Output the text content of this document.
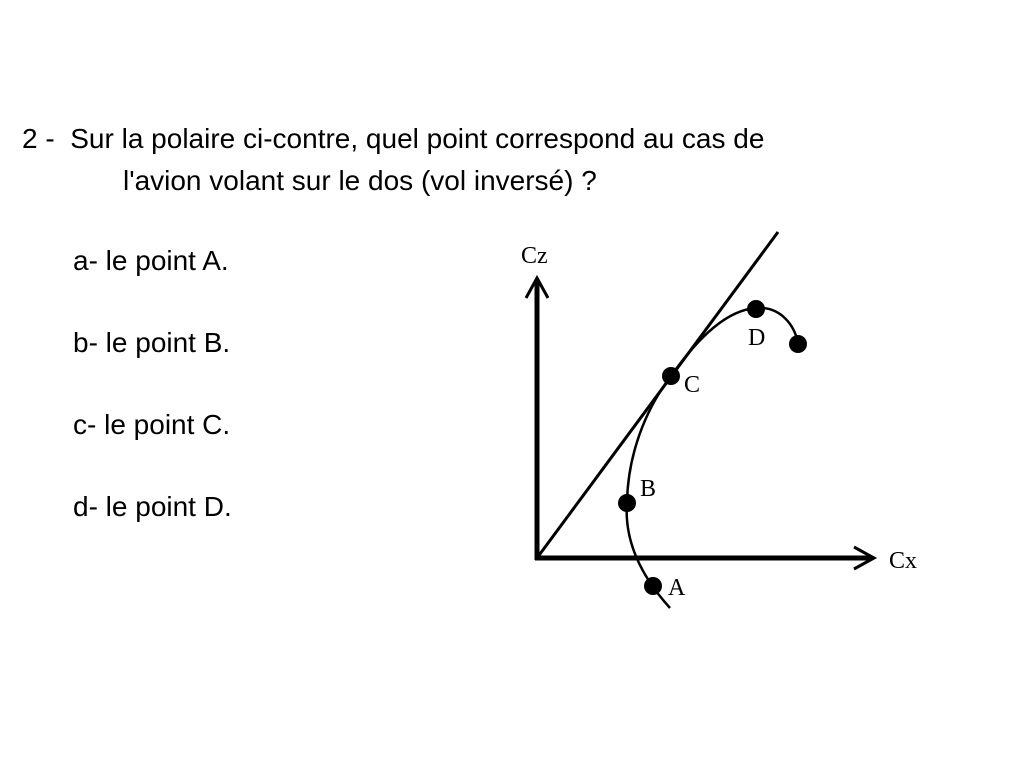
2 - Sur la polaire ci-contre, quel point correspond au cas de
l'avion volant sur le dos (vol inversé) ?
a- le point A.
b- le point B.
c- le point C.
d- le point D.
Cz
Cx
A
B
C
D
